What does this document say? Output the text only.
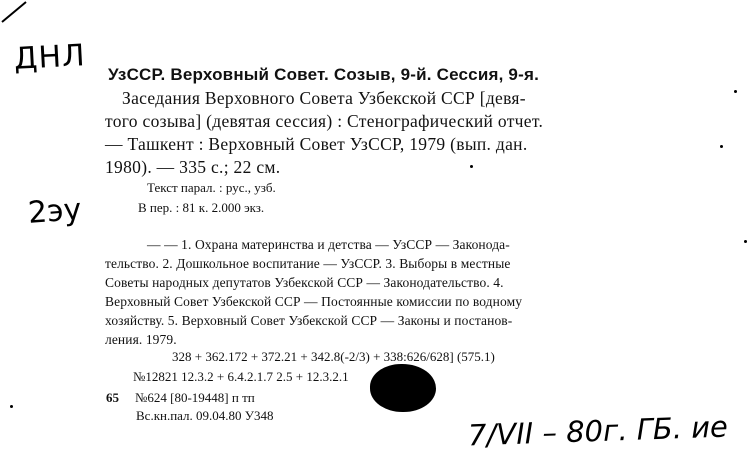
ДНЛ
2эу
УзССР. Верховный Совет. Созыв, 9-й. Сессия, 9-я.
Заседания Верховного Совета Узбекской ССР [девя-
того созыва] (девятая сессия) : Стенографический отчет.
— Ташкент : Верховный Совет УзССР, 1979 (вып. дан.
1980). — 335 с.; 22 см.
Текст парал. : рус., узб.
В пер. : 81 к. 2.000 экз.
— — 1. Охрана материнства и детства — УзССР — Законода-
тельство. 2. Дошкольное воспитание — УзССР. 3. Выборы в местные
Советы народных депутатов Узбекской ССР — Законодательство. 4.
Верховный Совет Узбекской ССР — Постоянные комиссии по водному
хозяйству. 5. Верховный Совет Узбекской ССР — Законы и постанов-
ления. 1979.
328 + 362.172 + 372.21 + 342.8(-2/3) + 338:626/628] (575.1)
№12821 12.3.2 + 6.4.2.1.7 2.5 + 12.3.2.1
65 №624 [80-19448] п тп
Вс.кн.пал. 09.04.80 У348	7/VII – 80г. ГБ. ие
